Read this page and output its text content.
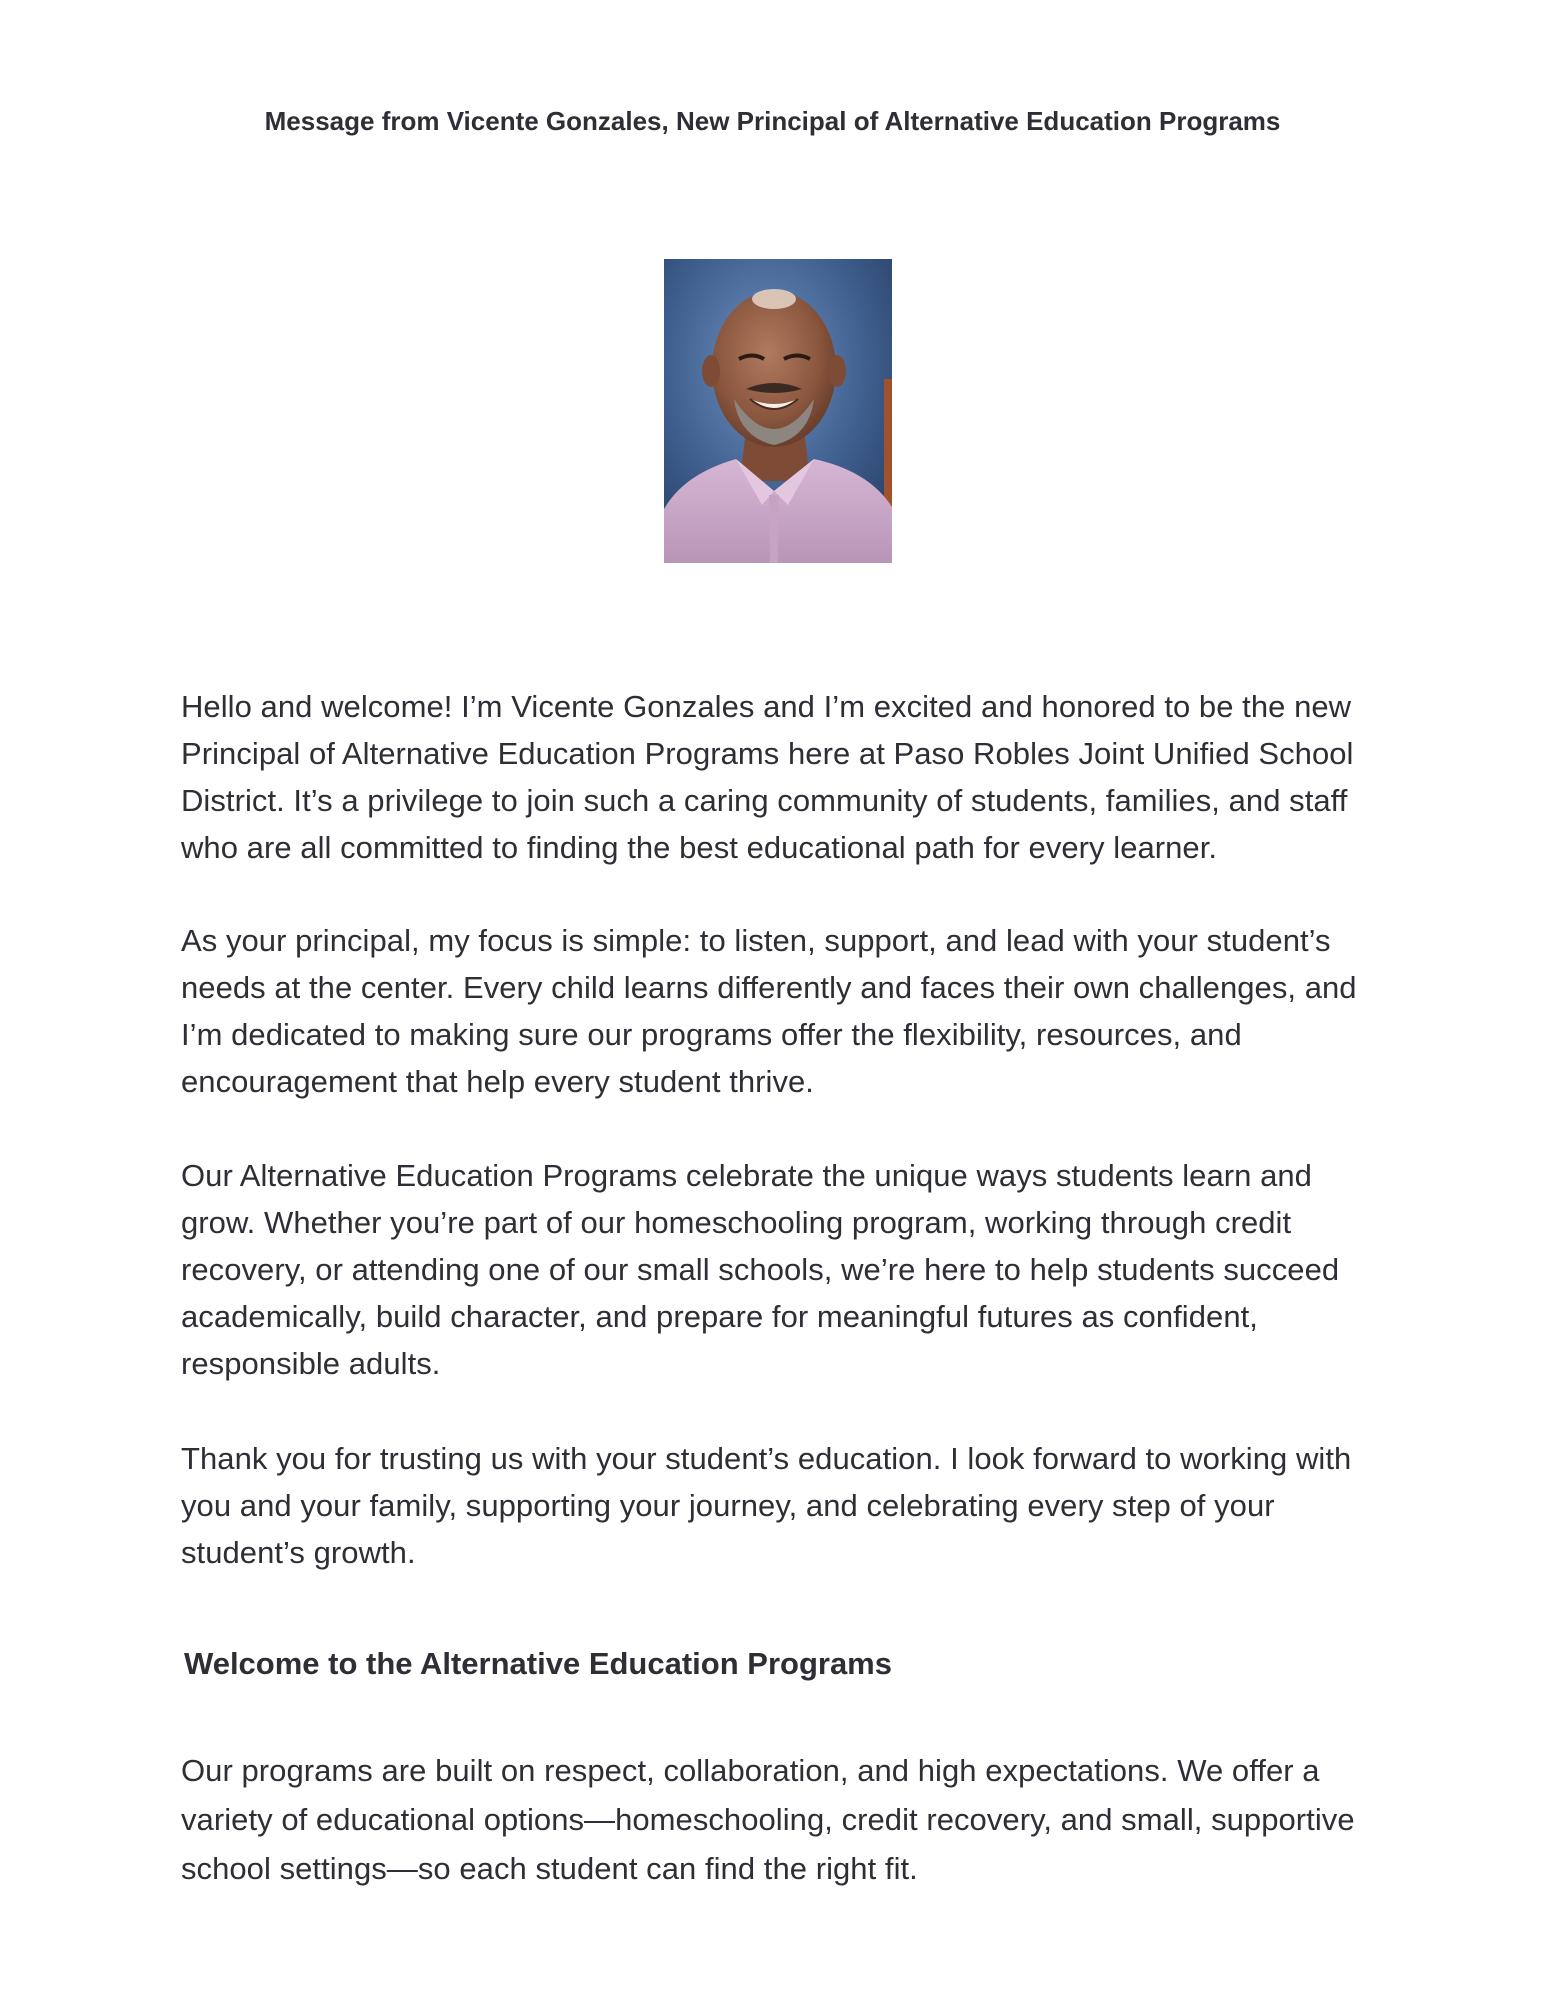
Message from Vicente Gonzales, New Principal of Alternative Education Programs

Hello and welcome! I’m Vicente Gonzales and I’m excited and honored to be the new Principal of Alternative Education Programs here at Paso Robles Joint Unified School District. It’s a privilege to join such a caring community of students, families, and staff who are all committed to finding the best educational path for every learner.

As your principal, my focus is simple: to listen, support, and lead with your student’s needs at the center. Every child learns differently and faces their own challenges, and I’m dedicated to making sure our programs offer the flexibility, resources, and encouragement that help every student thrive.

Our Alternative Education Programs celebrate the unique ways students learn and grow. Whether you’re part of our homeschooling program, working through credit recovery, or attending one of our small schools, we’re here to help students succeed academically, build character, and prepare for meaningful futures as confident, responsible adults.

Thank you for trusting us with your student’s education. I look forward to working with you and your family, supporting your journey, and celebrating every step of your student’s growth.

Welcome to the Alternative Education Programs

Our programs are built on respect, collaboration, and high expectations. We offer a variety of educational options—homeschooling, credit recovery, and small, supportive school settings—so each student can find the right fit.
